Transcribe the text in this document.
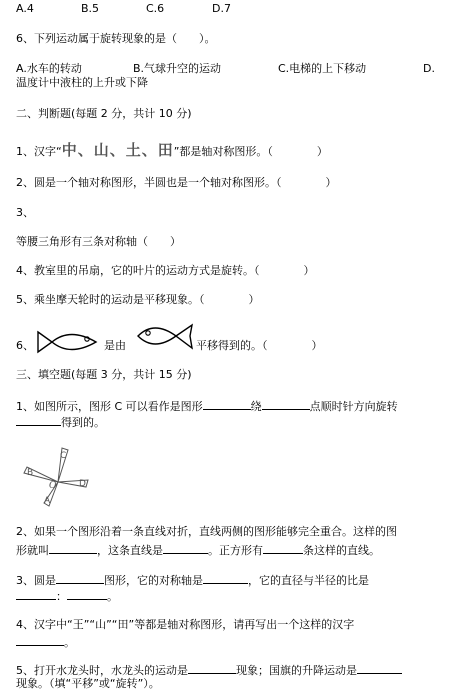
A.4	B.5	C.6	D.7
6、下列运动属于旋转现象的是（　　）。
A.水车的转动	B.气球升空的运动	C.电梯的上下移动	D.
温度计中液柱的上升或下降
二、判断题(每题 2 分，共计 10 分)
1、汉字“中、山、土、田”都是轴对称图形。（　　　　）
2、圆是一个轴对称图形，半圆也是一个轴对称图形。（　　　　）
3、
等腰三角形有三条对称轴（　　）
4、教室里的吊扇，它的叶片的运动方式是旋转。（　　　　）
5、乘坐摩天轮时的运动是平移现象。（　　　　）
6、	是由	平移得到的。（　　　　）
三、填空题(每题 3 分，共计 15 分)
1、如图所示，图形 C 可以看作是图形	绕	点顺时针方向旋转
得到的。
C
B
O	D
A
2、如果一个图形沿着一条直线对折，直线两侧的图形能够完全重合。这样的图
形就叫	，这条直线是	。正方形有	条这样的直线。
3、圆是	图形，它的对称轴是	，它的直径与半径的比是
：	。
4、汉字中“王”“山”“田”等都是轴对称图形，请再写出一个这样的汉字
。
5、打开水龙头时，水龙头的运动是	现象；国旗的升降运动是
现象。（填“平移”或“旋转”）。
